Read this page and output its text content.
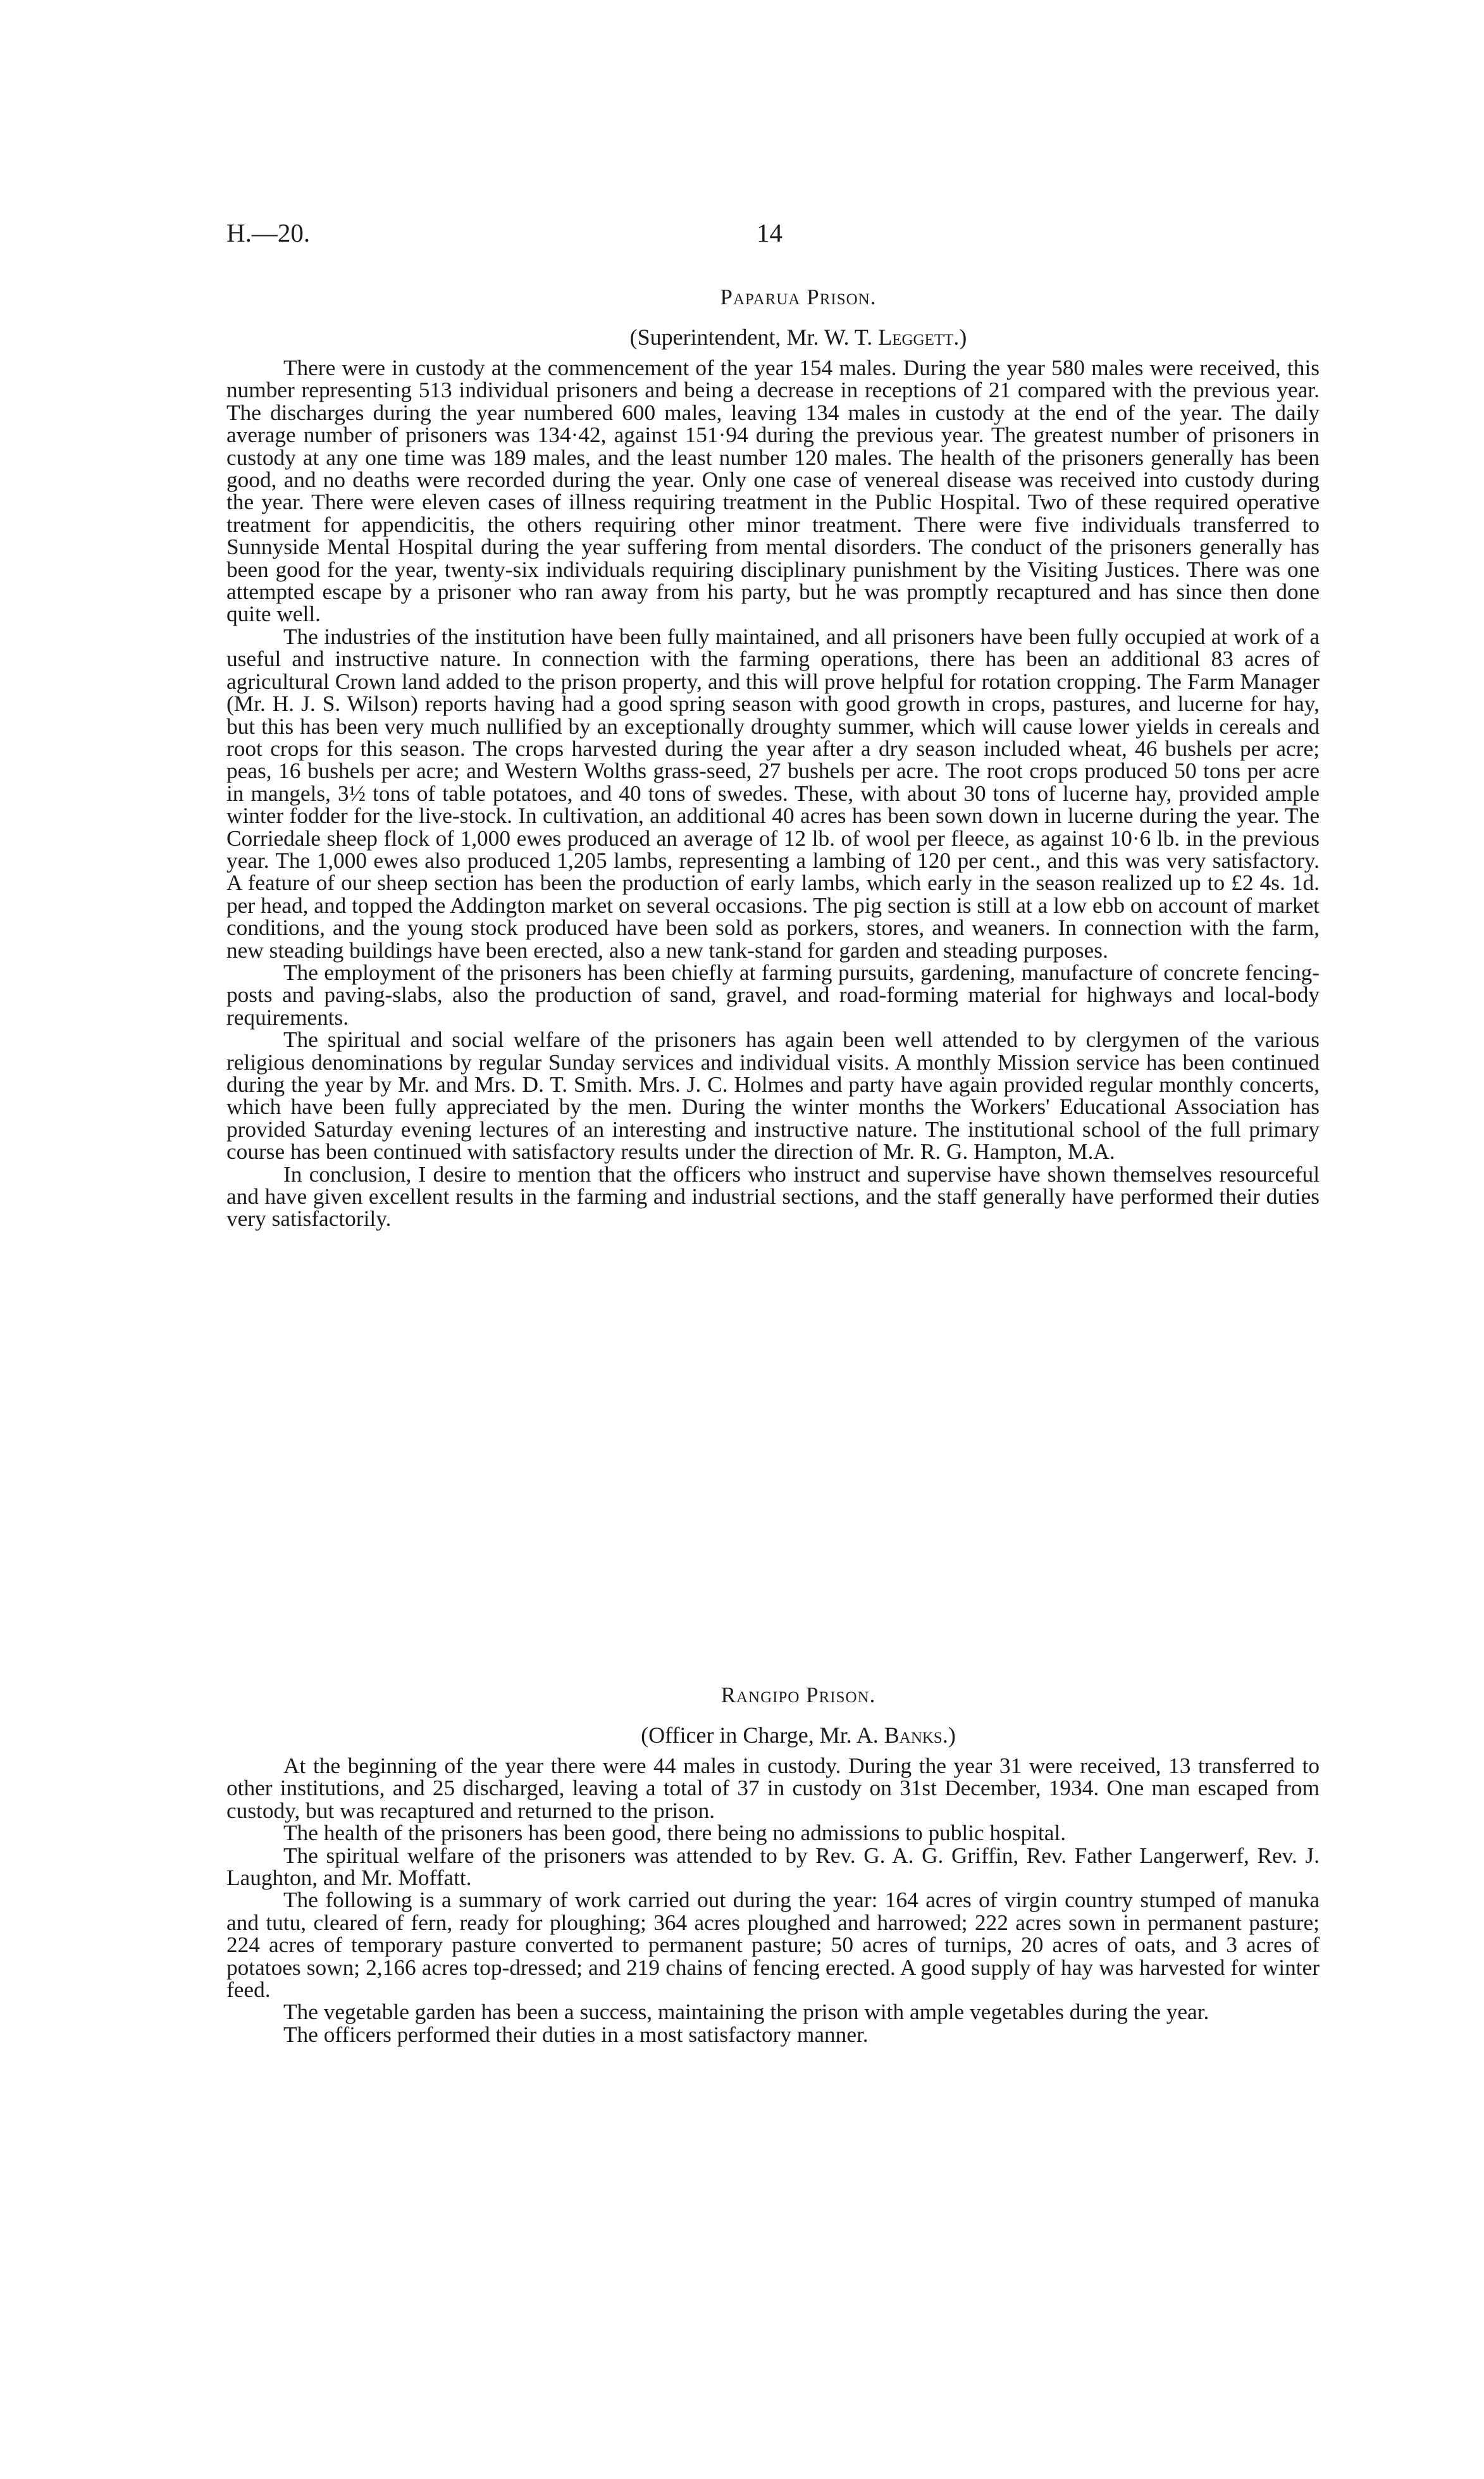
H.—20.	14
Paparua Prison.
(Superintendent, Mr. W. T. Leggett.)

There were in custody at the commencement of the year 154 males. During the year 580 males were received, this number representing 513 individual prisoners and being a decrease in receptions of 21 compared with the previous year. The discharges during the year numbered 600 males, leaving 134 males in custody at the end of the year. The daily average number of prisoners was 134·42, against 151·94 during the previous year. The greatest number of prisoners in custody at any one time was 189 males, and the least number 120 males. The health of the prisoners generally has been good, and no deaths were recorded during the year. Only one case of venereal disease was received into custody during the year. There were eleven cases of illness requiring treatment in the Public Hospital. Two of these required operative treatment for appendicitis, the others requiring other minor treatment. There were five individuals transferred to Sunnyside Mental Hospital during the year suffering from mental disorders. The conduct of the prisoners generally has been good for the year, twenty-six individuals requiring disciplinary punishment by the Visiting Justices. There was one attempted escape by a prisoner who ran away from his party, but he was promptly recaptured and has since then done quite well.

The industries of the institution have been fully maintained, and all prisoners have been fully occupied at work of a useful and instructive nature. In connection with the farming operations, there has been an additional 83 acres of agricultural Crown land added to the prison property, and this will prove helpful for rotation cropping. The Farm Manager (Mr. H. J. S. Wilson) reports having had a good spring season with good growth in crops, pastures, and lucerne for hay, but this has been very much nullified by an exceptionally droughty summer, which will cause lower yields in cereals and root crops for this season. The crops harvested during the year after a dry season included wheat, 46 bushels per acre; peas, 16 bushels per acre; and Western Wolths grass-seed, 27 bushels per acre. The root crops produced 50 tons per acre in mangels, 3½ tons of table potatoes, and 40 tons of swedes. These, with about 30 tons of lucerne hay, provided ample winter fodder for the live-stock. In cultivation, an additional 40 acres has been sown down in lucerne during the year. The Corriedale sheep flock of 1,000 ewes produced an average of 12 lb. of wool per fleece, as against 10·6 lb. in the previous year. The 1,000 ewes also produced 1,205 lambs, representing a lambing of 120 per cent., and this was very satisfactory. A feature of our sheep section has been the production of early lambs, which early in the season realized up to £2 4s. 1d. per head, and topped the Addington market on several occasions. The pig section is still at a low ebb on account of market conditions, and the young stock produced have been sold as porkers, stores, and weaners. In connection with the farm, new steading buildings have been erected, also a new tank-stand for garden and steading purposes.

The employment of the prisoners has been chiefly at farming pursuits, gardening, manufacture of concrete fencing-posts and paving-slabs, also the production of sand, gravel, and road-forming material for highways and local-body requirements.

The spiritual and social welfare of the prisoners has again been well attended to by clergymen of the various religious denominations by regular Sunday services and individual visits. A monthly Mission service has been continued during the year by Mr. and Mrs. D. T. Smith. Mrs. J. C. Holmes and party have again provided regular monthly concerts, which have been fully appreciated by the men. During the winter months the Workers' Educational Association has provided Saturday evening lectures of an interesting and instructive nature. The institutional school of the full primary course has been continued with satisfactory results under the direction of Mr. R. G. Hampton, M.A.

In conclusion, I desire to mention that the officers who instruct and supervise have shown themselves resourceful and have given excellent results in the farming and industrial sections, and the staff generally have performed their duties very satisfactorily.

Rangipo Prison.
(Officer in Charge, Mr. A. Banks.)

At the beginning of the year there were 44 males in custody. During the year 31 were received, 13 transferred to other institutions, and 25 discharged, leaving a total of 37 in custody on 31st December, 1934. One man escaped from custody, but was recaptured and returned to the prison.

The health of the prisoners has been good, there being no admissions to public hospital.

The spiritual welfare of the prisoners was attended to by Rev. G. A. G. Griffin, Rev. Father Langerwerf, Rev. J. Laughton, and Mr. Moffatt.

The following is a summary of work carried out during the year: 164 acres of virgin country stumped of manuka and tutu, cleared of fern, ready for ploughing; 364 acres ploughed and harrowed; 222 acres sown in permanent pasture; 224 acres of temporary pasture converted to permanent pasture; 50 acres of turnips, 20 acres of oats, and 3 acres of potatoes sown; 2,166 acres top-dressed; and 219 chains of fencing erected. A good supply of hay was harvested for winter feed.

The vegetable garden has been a success, maintaining the prison with ample vegetables during the year.

The officers performed their duties in a most satisfactory manner.
